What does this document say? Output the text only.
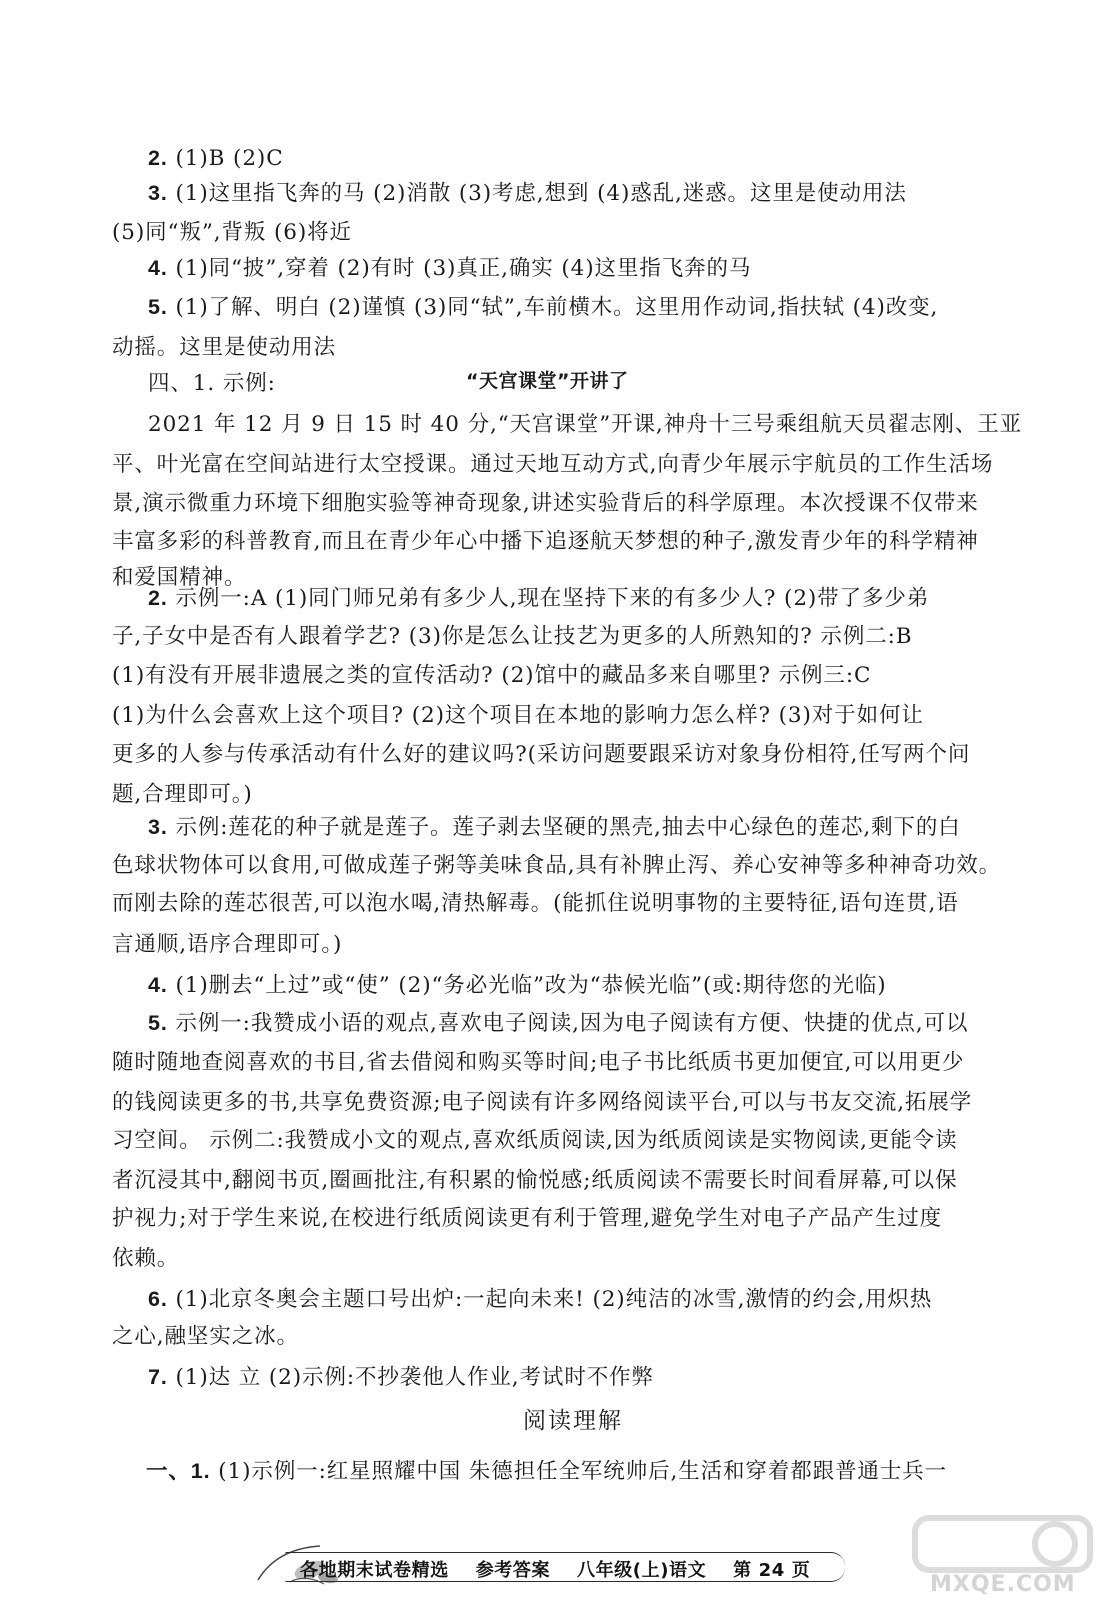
2. (1)B (2)C
3. (1)这里指飞奔的马 (2)消散 (3)考虑,想到 (4)惑乱,迷惑。这里是使动用法
(5)同“叛”,背叛 (6)将近
4. (1)同“披”,穿着 (2)有时 (3)真正,确实 (4)这里指飞奔的马
5. (1)了解、明白 (2)谨慎 (3)同“轼”,车前横木。这里用作动词,指扶轼 (4)改变,
动摇。这里是使动用法
四、1. 示例:	“天宫课堂”开讲了
2021 年 12 月 9 日 15 时 40 分,“天宫课堂”开课,神舟十三号乘组航天员翟志刚、王亚
平、叶光富在空间站进行太空授课。通过天地互动方式,向青少年展示宇航员的工作生活场
景,演示微重力环境下细胞实验等神奇现象,讲述实验背后的科学原理。本次授课不仅带来
丰富多彩的科普教育,而且在青少年心中播下追逐航天梦想的种子,激发青少年的科学精神
和爱国精神。
2. 示例一:A (1)同门师兄弟有多少人,现在坚持下来的有多少人? (2)带了多少弟
子,子女中是否有人跟着学艺? (3)你是怎么让技艺为更多的人所熟知的? 示例二:B
(1)有没有开展非遗展之类的宣传活动? (2)馆中的藏品多来自哪里? 示例三:C
(1)为什么会喜欢上这个项目? (2)这个项目在本地的影响力怎么样? (3)对于如何让
更多的人参与传承活动有什么好的建议吗?(采访问题要跟采访对象身份相符,任写两个问
题,合理即可。)
3. 示例:莲花的种子就是莲子。莲子剥去坚硬的黑壳,抽去中心绿色的莲芯,剩下的白
色球状物体可以食用,可做成莲子粥等美味食品,具有补脾止泻、养心安神等多种神奇功效。
而刚去除的莲芯很苦,可以泡水喝,清热解毒。(能抓住说明事物的主要特征,语句连贯,语
言通顺,语序合理即可。)
4. (1)删去“上过”或“使” (2)“务必光临”改为“恭候光临”(或:期待您的光临)
5. 示例一:我赞成小语的观点,喜欢电子阅读,因为电子阅读有方便、快捷的优点,可以
随时随地查阅喜欢的书目,省去借阅和购买等时间;电子书比纸质书更加便宜,可以用更少
的钱阅读更多的书,共享免费资源;电子阅读有许多网络阅读平台,可以与书友交流,拓展学
习空间。 示例二:我赞成小文的观点,喜欢纸质阅读,因为纸质阅读是实物阅读,更能令读
者沉浸其中,翻阅书页,圈画批注,有积累的愉悦感;纸质阅读不需要长时间看屏幕,可以保
护视力;对于学生来说,在校进行纸质阅读更有利于管理,避免学生对电子产品产生过度
依赖。
6. (1)北京冬奥会主题口号出炉:一起向未来! (2)纯洁的冰雪,激情的约会,用炽热
之心,融坚实之冰。
7. (1)达 立 (2)示例:不抄袭他人作业,考试时不作弊
阅读理解
一、1. (1)示例一:红星照耀中国 朱德担任全军统帅后,生活和穿着都跟普通士兵一
各地期末试卷精选 参考答案 八年级(上)语文 第 24 页
MXQE.COM
